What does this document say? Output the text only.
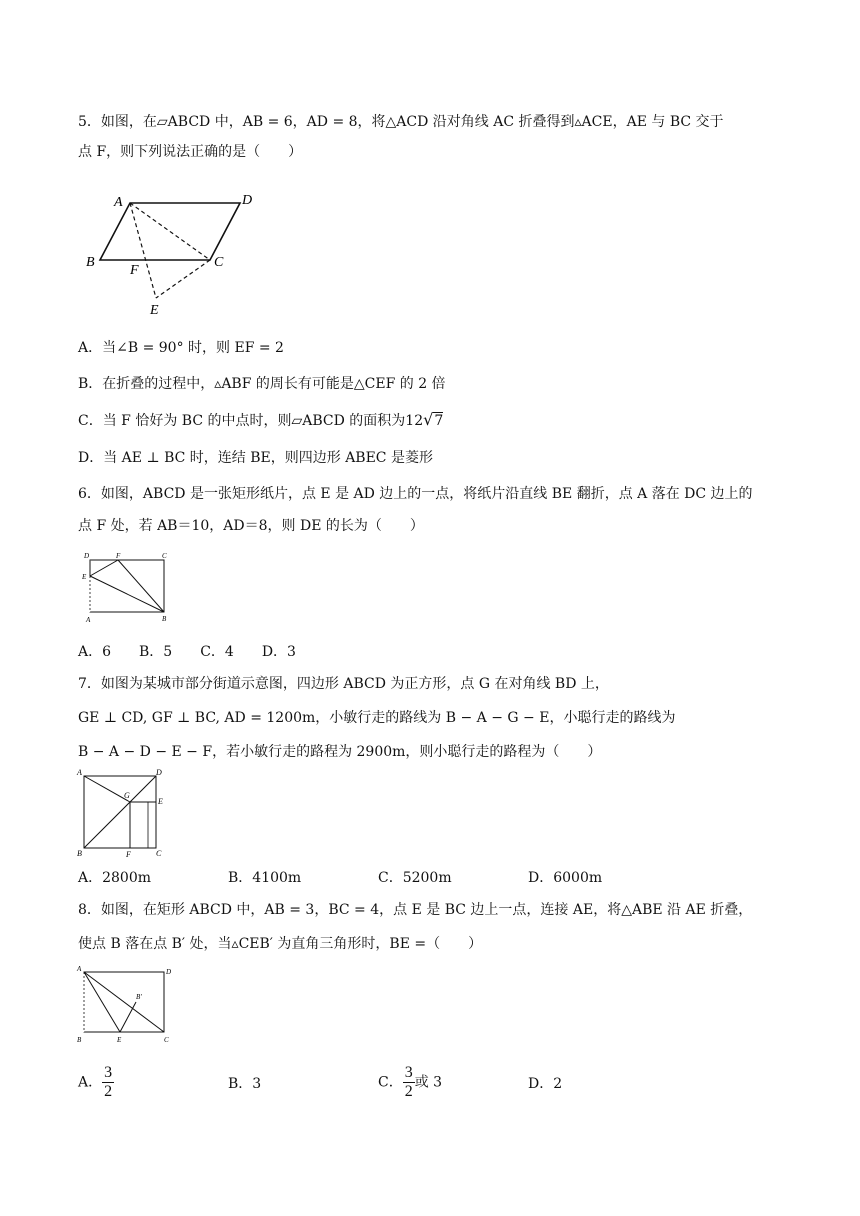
5．如图，在▱ABCD 中，AB = 6，AD = 8，将△ACD 沿对角线 AC 折叠得到▵ACE，AE 与 BC 交于
点 F，则下列说法正确的是（　　）
A	D
B
F
C
E
A．当∠B = 90° 时，则 EF = 2
B．在折叠的过程中，▵ABF 的周长有可能是△CEF 的 2 倍
C．当 F 恰好为 BC 的中点时，则▱ABCD 的面积为12√7
D．当 AE ⊥ BC 时，连结 BE，则四边形 ABEC 是菱形
6．如图，ABCD 是一张矩形纸片，点 E 是 AD 边上的一点，将纸片沿直线 BE 翻折，点 A 落在 DC 边上的
点 F 处，若 AB＝10，AD＝8，则 DE 的长为（　　）
D	F	C
E
A	B
A．6　　B．5　　C．4　　D．3
7．如图为某城市部分街道示意图，四边形 ABCD 为正方形，点 G 在对角线 BD 上，
GE ⊥ CD, GF ⊥ BC, AD = 1200m，小敏行走的路线为 B − A − G − E，小聪行走的路线为
B − A − D − E − F，若小敏行走的路程为 2900m，则小聪行走的路程为（　　）
A	D
G
E
B	F	C
A．2800m	B．4100m	C．5200m	D．6000m
8．如图，在矩形 ABCD 中，AB = 3，BC = 4，点 E 是 BC 边上一点，连接 AE，将△ABE 沿 AE 折叠，
使点 B 落在点 B′ 处，当▵CEB′ 为直角三角形时，BE =（　　）
A	D
B′
B	E	C
A． $\frac{3}{2}$	B．3	C． $\frac{3}{2}$ 或 3	D．2
